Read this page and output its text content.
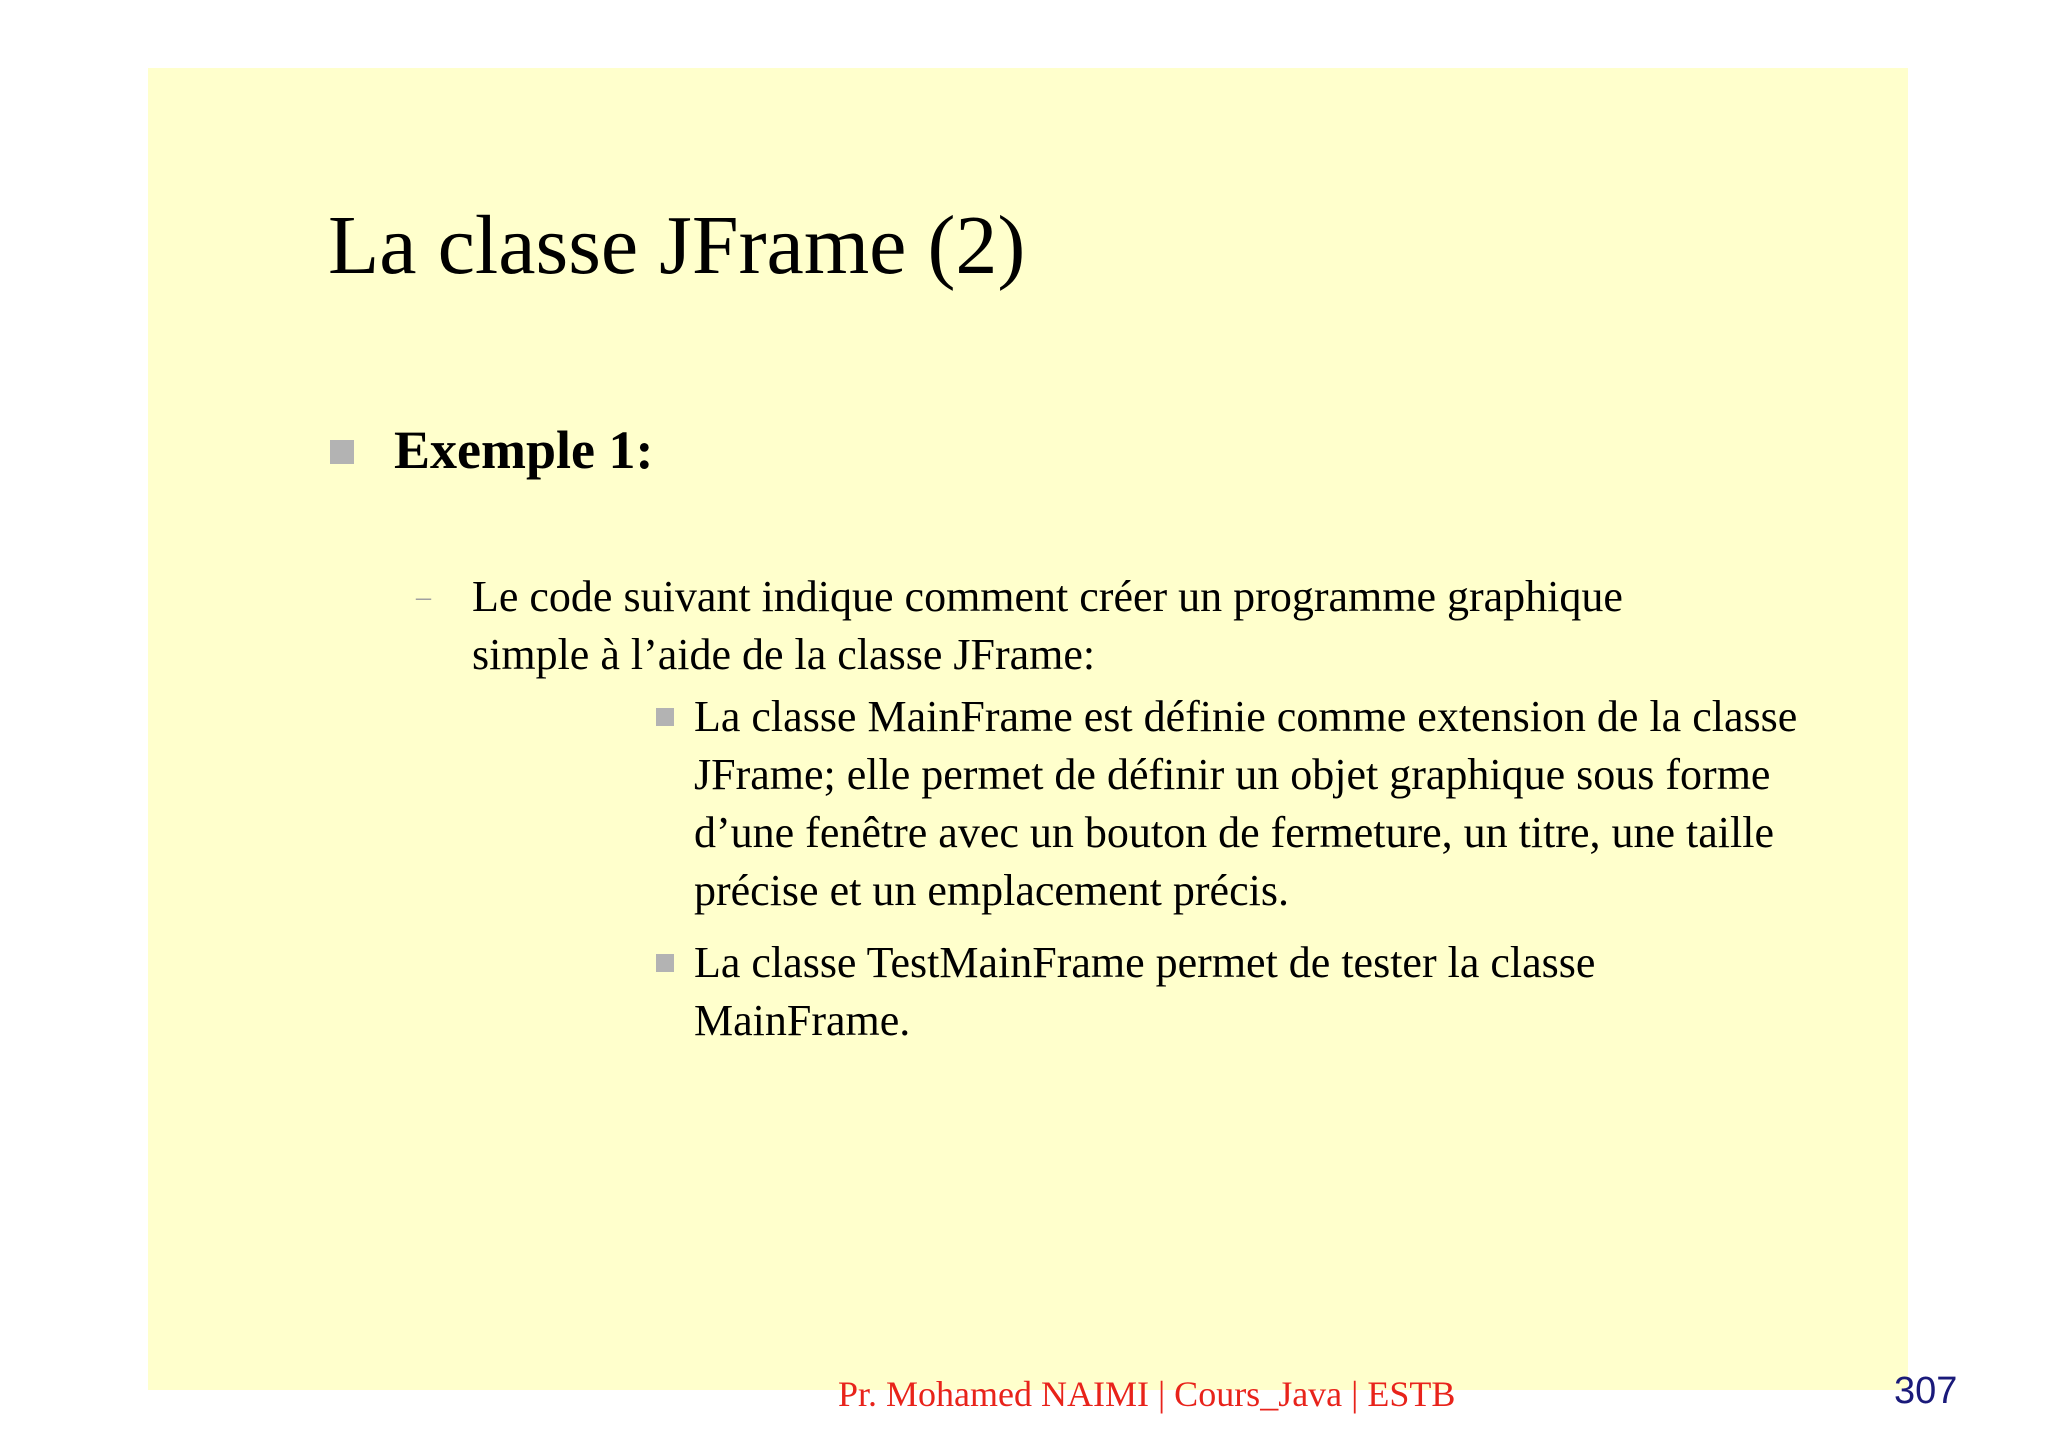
La classe JFrame (2)
Exemple 1:
– Le code suivant indique comment créer un programme graphique
simple à l’aide de la classe JFrame:
La classe MainFrame est définie comme extension de la classe
JFrame; elle permet de définir un objet graphique sous forme
d’une fenêtre avec un bouton de fermeture, un titre, une taille
précise et un emplacement précis.
La classe TestMainFrame permet de tester la classe
MainFrame.
Pr. Mohamed NAIMI | Cours_Java | ESTB	307
